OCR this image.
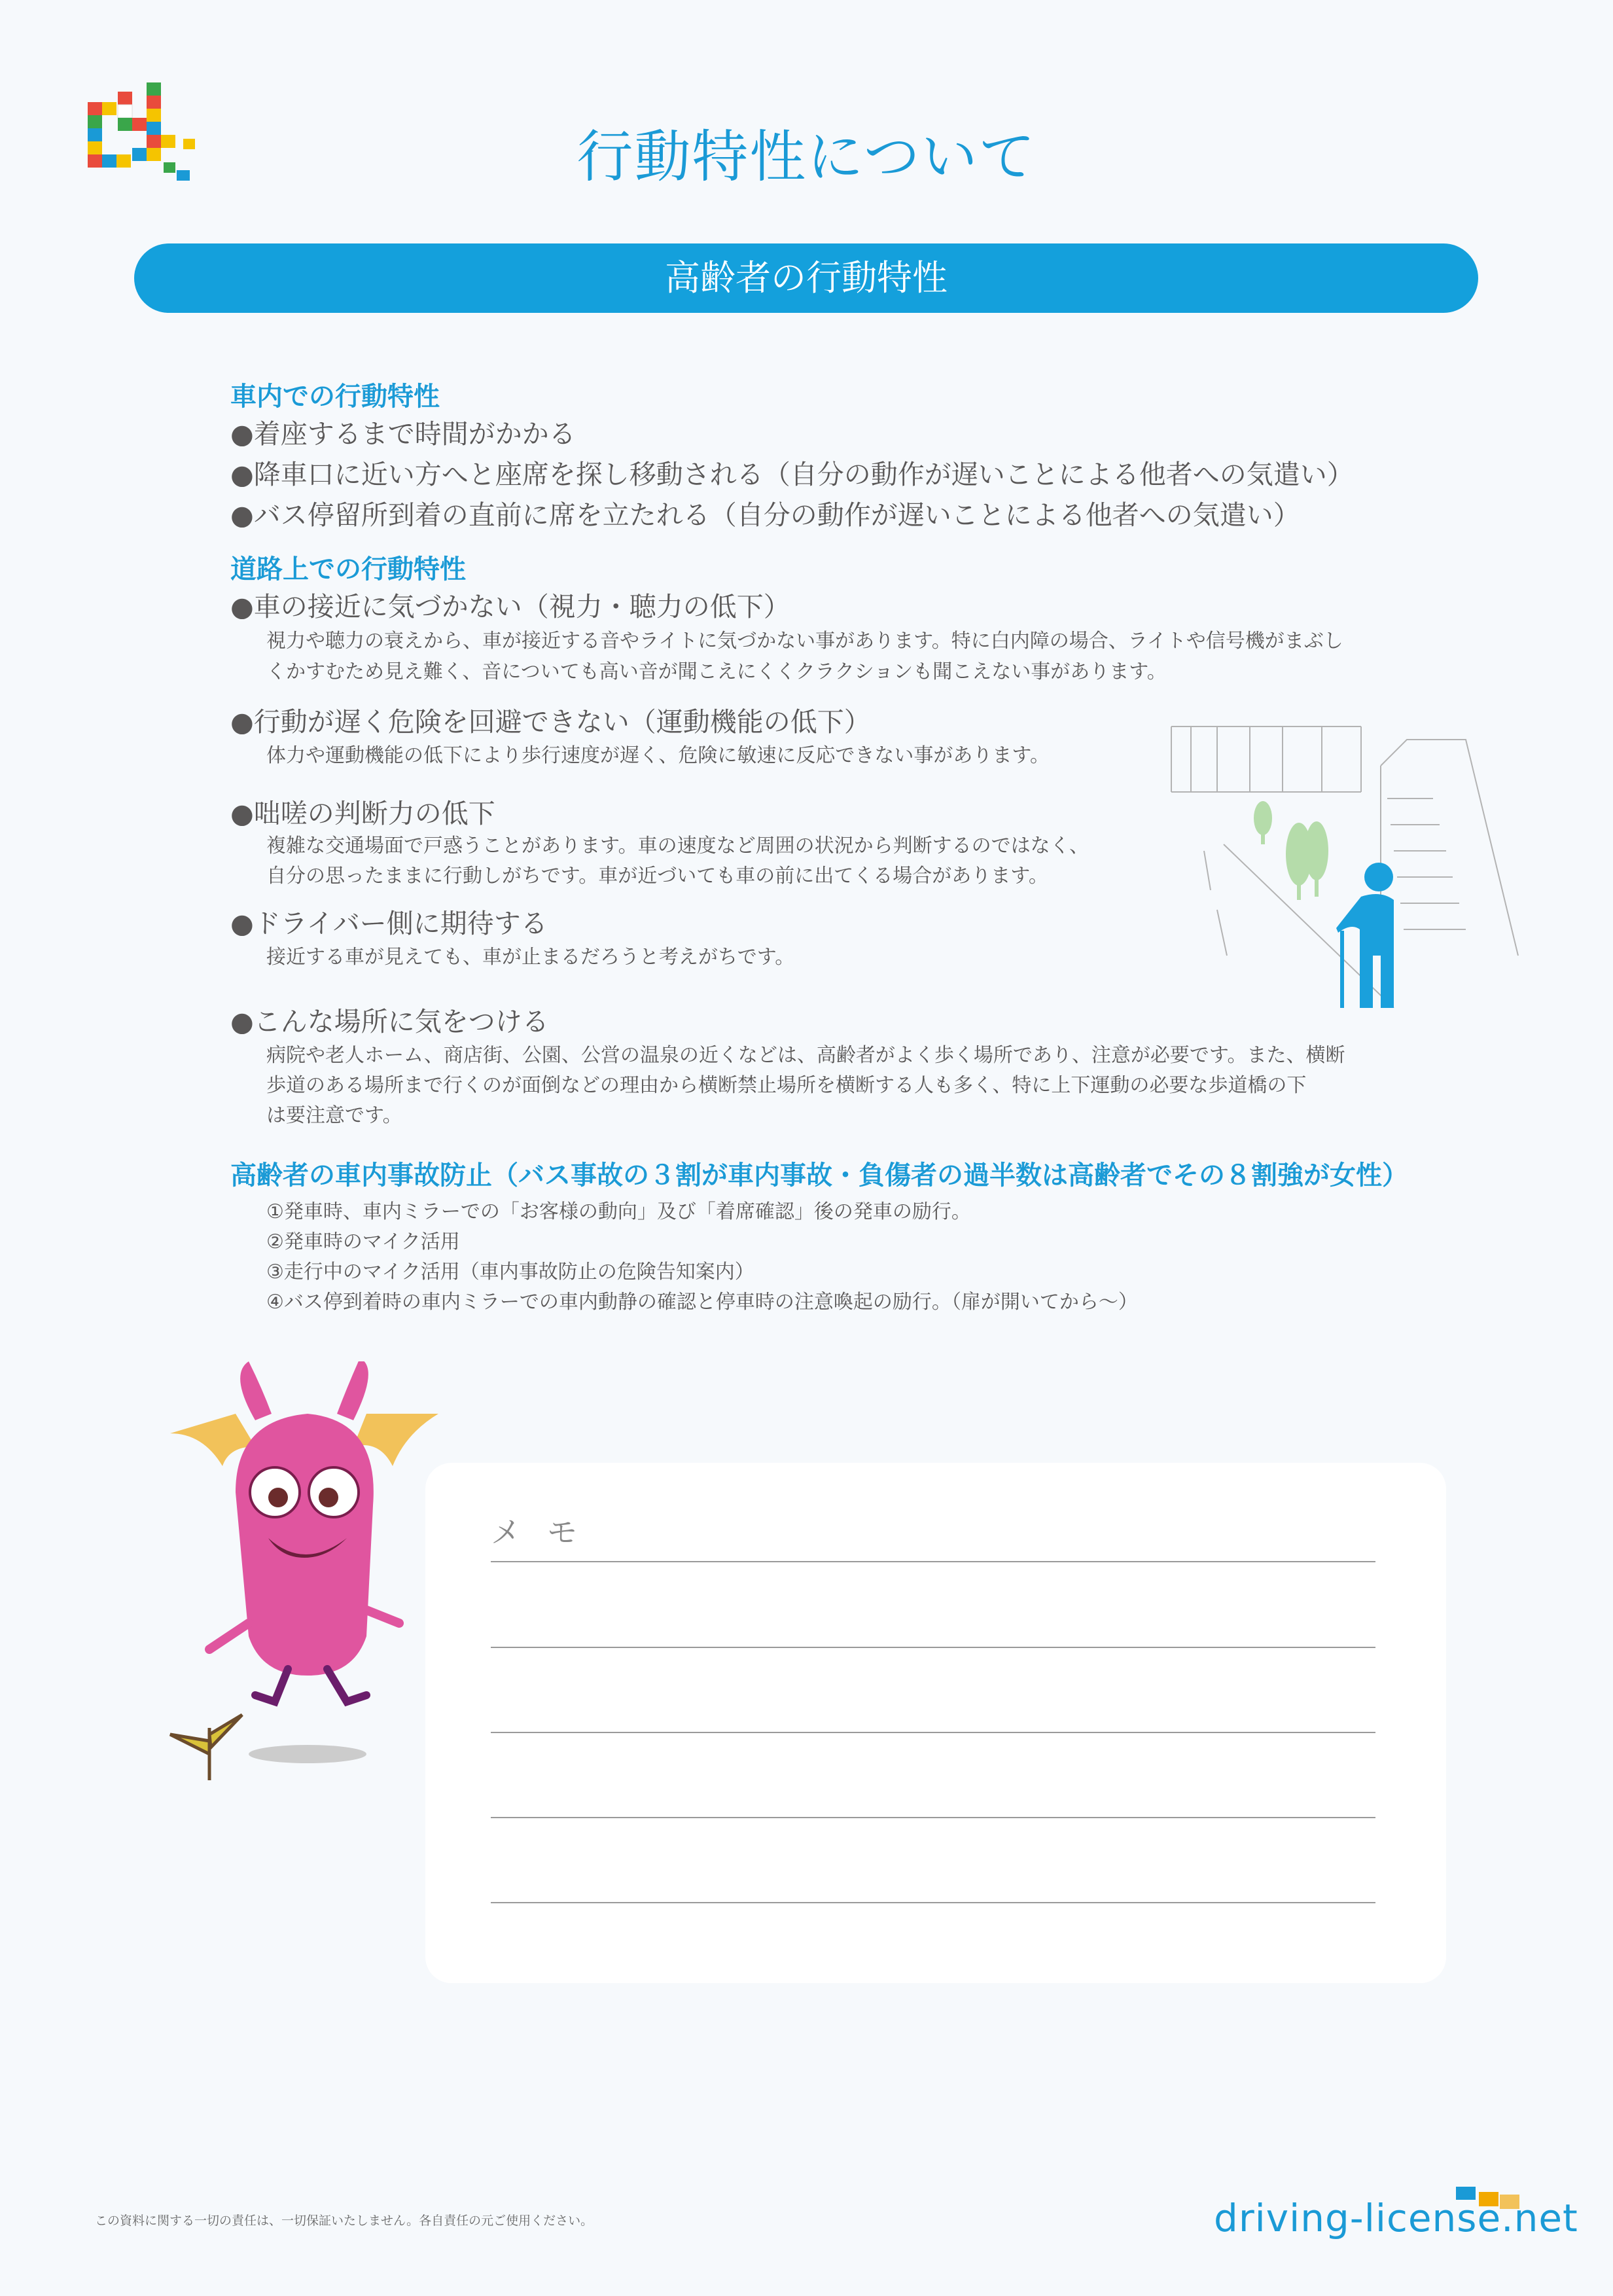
行動特性について
高齢者の行動特性
車内での行動特性
●着座するまで時間がかかる
●降車口に近い方へと座席を探し移動される（自分の動作が遅いことによる他者への気遣い）
●バス停留所到着の直前に席を立たれる（自分の動作が遅いことによる他者への気遣い）
道路上での行動特性
●車の接近に気づかない（視力・聴力の低下）
視力や聴力の衰えから、車が接近する音やライトに気づかない事があります。特に白内障の場合、ライトや信号機がまぶし
くかすむため見え難く、音についても高い音が聞こえにくくクラクションも聞こえない事があります。
●行動が遅く危険を回避できない（運動機能の低下）
体力や運動機能の低下により歩行速度が遅く、危険に敏速に反応できない事があります。
●咄嗟の判断力の低下
複雑な交通場面で戸惑うことがあります。車の速度など周囲の状況から判断するのではなく、
自分の思ったままに行動しがちです。車が近づいても車の前に出てくる場合があります。
●ドライバー側に期待する
接近する車が見えても、車が止まるだろうと考えがちです。
●こんな場所に気をつける
病院や老人ホーム、商店街、公園、公営の温泉の近くなどは、高齢者がよく歩く場所であり、注意が必要です。また、横断
歩道のある場所まで行くのが面倒などの理由から横断禁止場所を横断する人も多く、特に上下運動の必要な歩道橋の下
は要注意です。
高齢者の車内事故防止（バス事故の３割が車内事故・負傷者の過半数は高齢者でその８割強が女性）
①発車時、車内ミラーでの「お客様の動向」及び「着席確認」後の発車の励行。
②発車時のマイク活用
③走行中のマイク活用（車内事故防止の危険告知案内）
④バス停到着時の車内ミラーでの車内動静の確認と停車時の注意喚起の励行。（扉が開いてから〜）
メモ
この資料に関する一切の責任は、一切保証いたしません。各自責任の元ご使用ください。	driving-license.net
